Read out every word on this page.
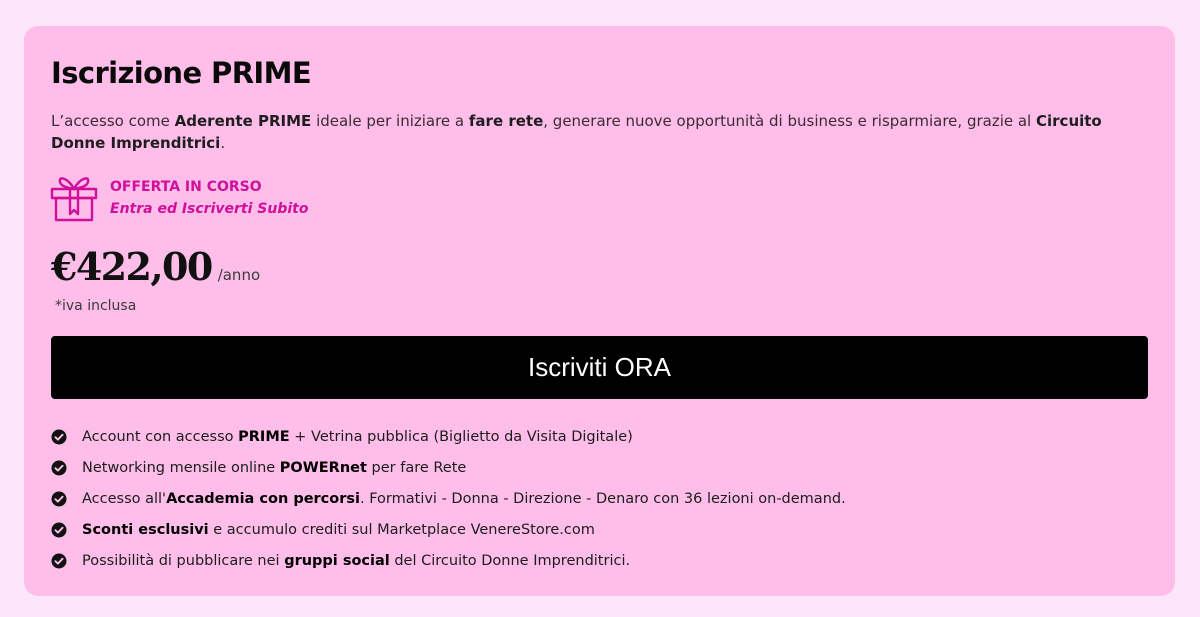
Iscrizione PRIME
L’accesso come Aderente PRIME ideale per iniziare a fare rete, generare nuove opportunità di business e risparmiare, grazie al Circuito Donne Imprenditrici.
OFFERTA IN CORSO
Entra ed Iscriverti Subito
€422,00 /anno
*iva inclusa
Iscriviti ORA
Account con accesso PRIME + Vetrina pubblica (Biglietto da Visita Digitale)
Networking mensile online POWERnet per fare Rete
Accesso all'Accademia con percorsi. Formativi - Donna - Direzione - Denaro con 36 lezioni on-demand.
Sconti esclusivi e accumulo crediti sul Marketplace VenereStore.com
Possibilità di pubblicare nei gruppi social del Circuito Donne Imprenditrici.
